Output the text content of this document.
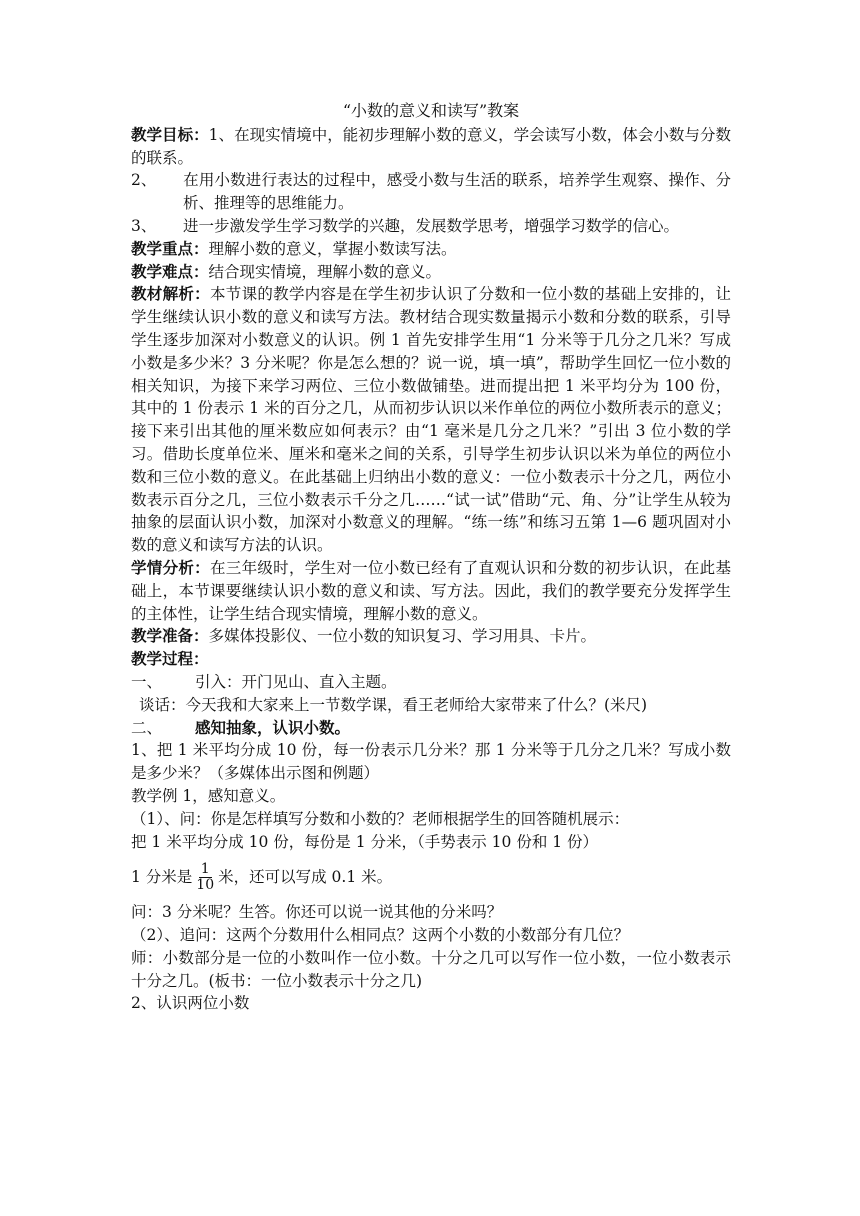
“小数的意义和读写”教案

教学目标：1、在现实情境中，能初步理解小数的意义，学会读写小数，体会小数与分数的联系。

2、 在用小数进行表达的过程中，感受小数与生活的联系，培养学生观察、操作、分析、推理等的思维能力。

3、 进一步激发学生学习数学的兴趣，发展数学思考，增强学习数学的信心。

教学重点：理解小数的意义，掌握小数读写法。

教学难点：结合现实情境，理解小数的意义。

教材解析：本节课的教学内容是在学生初步认识了分数和一位小数的基础上安排的，让学生继续认识小数的意义和读写方法。教材结合现实数量揭示小数和分数的联系，引导学生逐步加深对小数意义的认识。例 1 首先安排学生用“1 分米等于几分之几米？写成小数是多少米？3 分米呢？你是怎么想的？说一说，填一填”，帮助学生回忆一位小数的相关知识，为接下来学习两位、三位小数做铺垫。进而提出把 1 米平均分为 100 份，其中的 1 份表示 1 米的百分之几，从而初步认识以米作单位的两位小数所表示的意义；接下来引出其他的厘米数应如何表示？由“1 毫米是几分之几米？”引出 3 位小数的学习。借助长度单位米、厘米和毫米之间的关系，引导学生初步认识以米为单位的两位小数和三位小数的意义。在此基础上归纳出小数的意义：一位小数表示十分之几，两位小数表示百分之几，三位小数表示千分之几……“试一试”借助“元、角、分”让学生从较为抽象的层面认识小数，加深对小数意义的理解。“练一练”和练习五第 1—6 题巩固对小数的意义和读写方法的认识。

学情分析：在三年级时，学生对一位小数已经有了直观认识和分数的初步认识，在此基础上，本节课要继续认识小数的意义和读、写方法。因此，我们的教学要充分发挥学生的主体性，让学生结合现实情境，理解小数的意义。

教学准备：多媒体投影仪、一位小数的知识复习、学习用具、卡片。

教学过程：

一、 引入：开门见山、直入主题。

谈话：今天我和大家来上一节数学课，看王老师给大家带来了什么？(米尺)

二、 感知抽象，认识小数。

1、把 1 米平均分成 10 份，每一份表示几分米？那 1 分米等于几分之几米？写成小数是多少米？（多媒体出示图和例题）

教学例 1，感知意义。

（1）、问：你是怎样填写分数和小数的？老师根据学生的回答随机展示：

把 1 米平均分成 10 份，每份是 1 分米，（手势表示 10 份和 1 份）

1 分米是 $\frac{1}{10}$ 米，还可以写成 0.1 米。

问：3 分米呢？生答。你还可以说一说其他的分米吗？

（2）、追问：这两个分数用什么相同点？这两个小数的小数部分有几位？

师：小数部分是一位的小数叫作一位小数。十分之几可以写作一位小数，一位小数表示十分之几。(板书：一位小数表示十分之几)

2、认识两位小数
